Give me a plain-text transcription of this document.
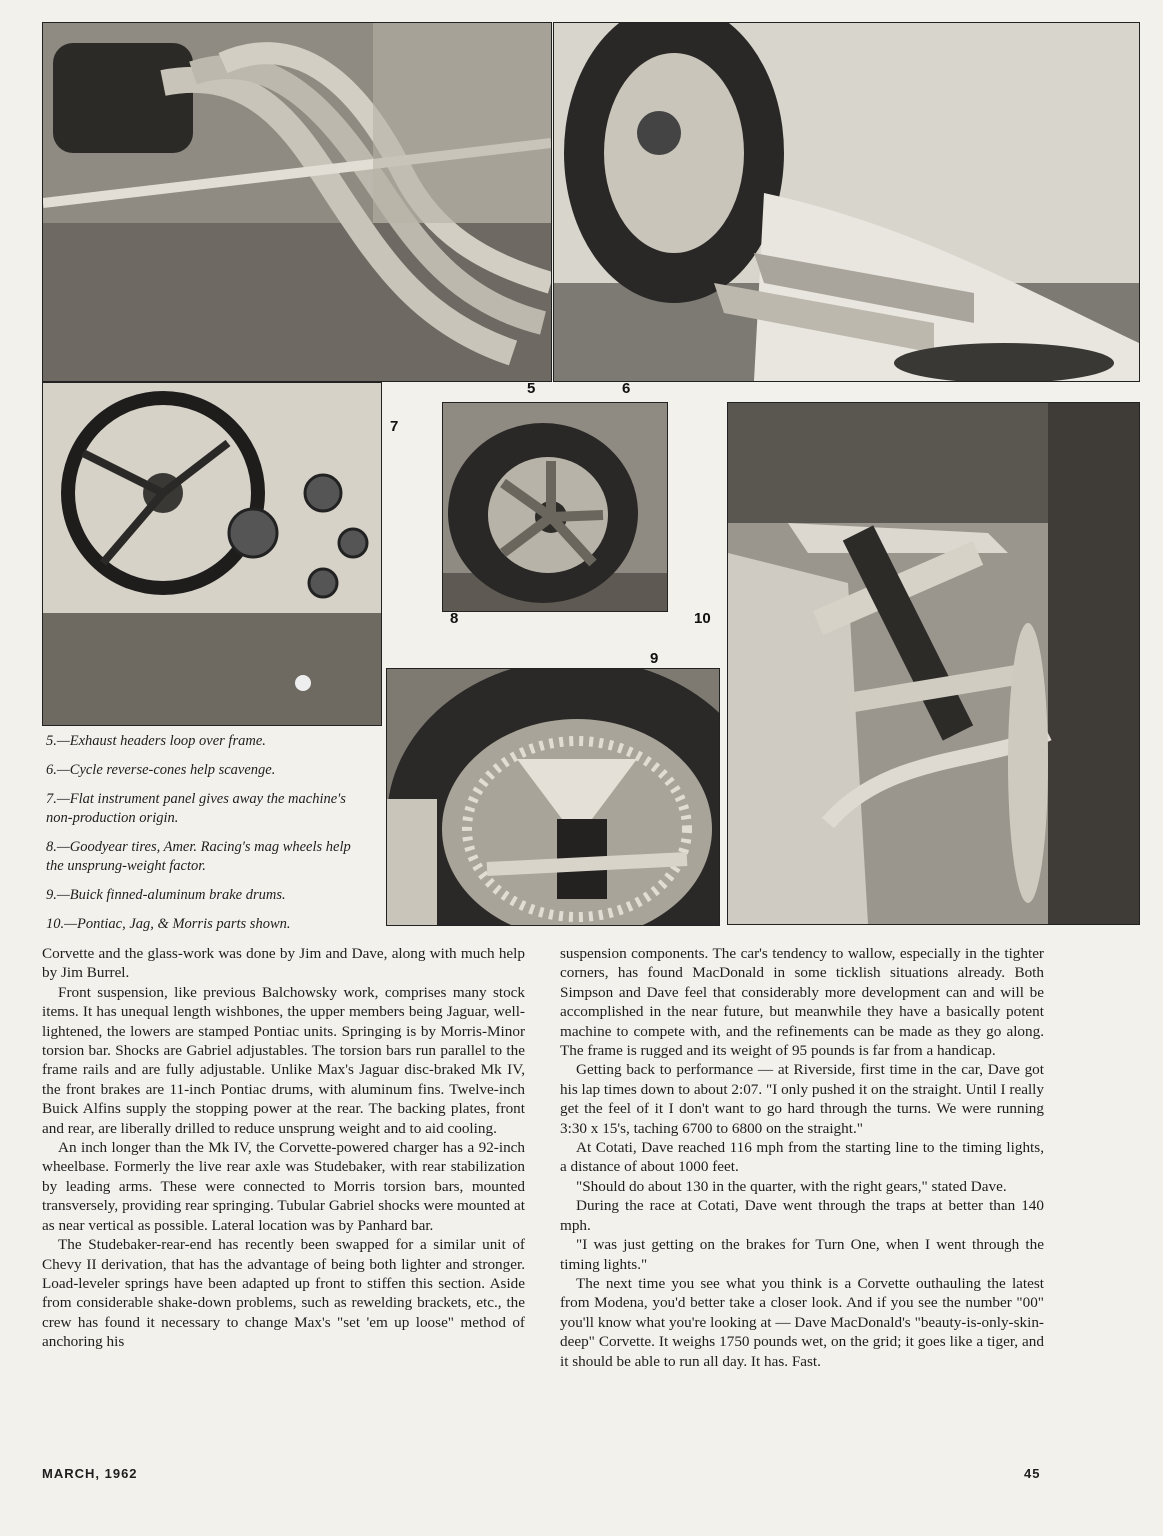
5	6
7
8	10
9

5.—Exhaust headers loop over frame.

6.—Cycle reverse-cones help scavenge.

7.—Flat instrument panel gives away the machine's non-production origin.

8.—Goodyear tires, Amer. Racing's mag wheels help the unsprung-weight factor.

9.—Buick finned-aluminum brake drums.

10.—Pontiac, Jag, & Morris parts shown.

Corvette and the glass-work was done by Jim and Dave, along with much help by Jim Burrel.

Front suspension, like previous Balchowsky work, comprises many stock items. It has unequal length wishbones, the upper members being Jaguar, well-lightened, the lowers are stamped Pontiac units. Springing is by Morris-Minor torsion bar. Shocks are Gabriel adjustables. The torsion bars run parallel to the frame rails and are fully adjustable. Unlike Max's Jaguar disc-braked Mk IV, the front brakes are 11-inch Pontiac drums, with aluminum fins. Twelve-inch Buick Alfins supply the stopping power at the rear. The backing plates, front and rear, are liberally drilled to reduce unsprung weight and to aid cooling.

An inch longer than the Mk IV, the Corvette-powered charger has a 92-inch wheelbase. Formerly the live rear axle was Studebaker, with rear stabilization by leading arms. These were connected to Morris torsion bars, mounted transversely, providing rear springing. Tubular Gabriel shocks were mounted at as near vertical as possible. Lateral location was by Panhard bar.

The Studebaker-rear-end has recently been swapped for a similar unit of Chevy II derivation, that has the advantage of being both lighter and stronger. Load-leveler springs have been adapted up front to stiffen this section. Aside from considerable shake-down problems, such as rewelding brackets, etc., the crew has found it necessary to change Max's "set 'em up loose" method of anchoring his

suspension components. The car's tendency to wallow, especially in the tighter corners, has found MacDonald in some ticklish situations already. Both Simpson and Dave feel that considerably more development can and will be accomplished in the near future, but meanwhile they have a basically potent machine to compete with, and the refinements can be made as they go along. The frame is rugged and its weight of 95 pounds is far from a handicap.

Getting back to performance — at Riverside, first time in the car, Dave got his lap times down to about 2:07. "I only pushed it on the straight. Until I really get the feel of it I don't want to go hard through the turns. We were running 3:30 x 15's, taching 6700 to 6800 on the straight."

At Cotati, Dave reached 116 mph from the starting line to the timing lights, a distance of about 1000 feet.

"Should do about 130 in the quarter, with the right gears," stated Dave.

During the race at Cotati, Dave went through the traps at better than 140 mph.

"I was just getting on the brakes for Turn One, when I went through the timing lights."

The next time you see what you think is a Corvette outhauling the latest from Modena, you'd better take a closer look. And if you see the number "00" you'll know what you're looking at — Dave MacDonald's "beauty-is-only-skin-deep" Corvette. It weighs 1750 pounds wet, on the grid; it goes like a tiger, and it should be able to run all day. It has. Fast.

MARCH, 1962	45
